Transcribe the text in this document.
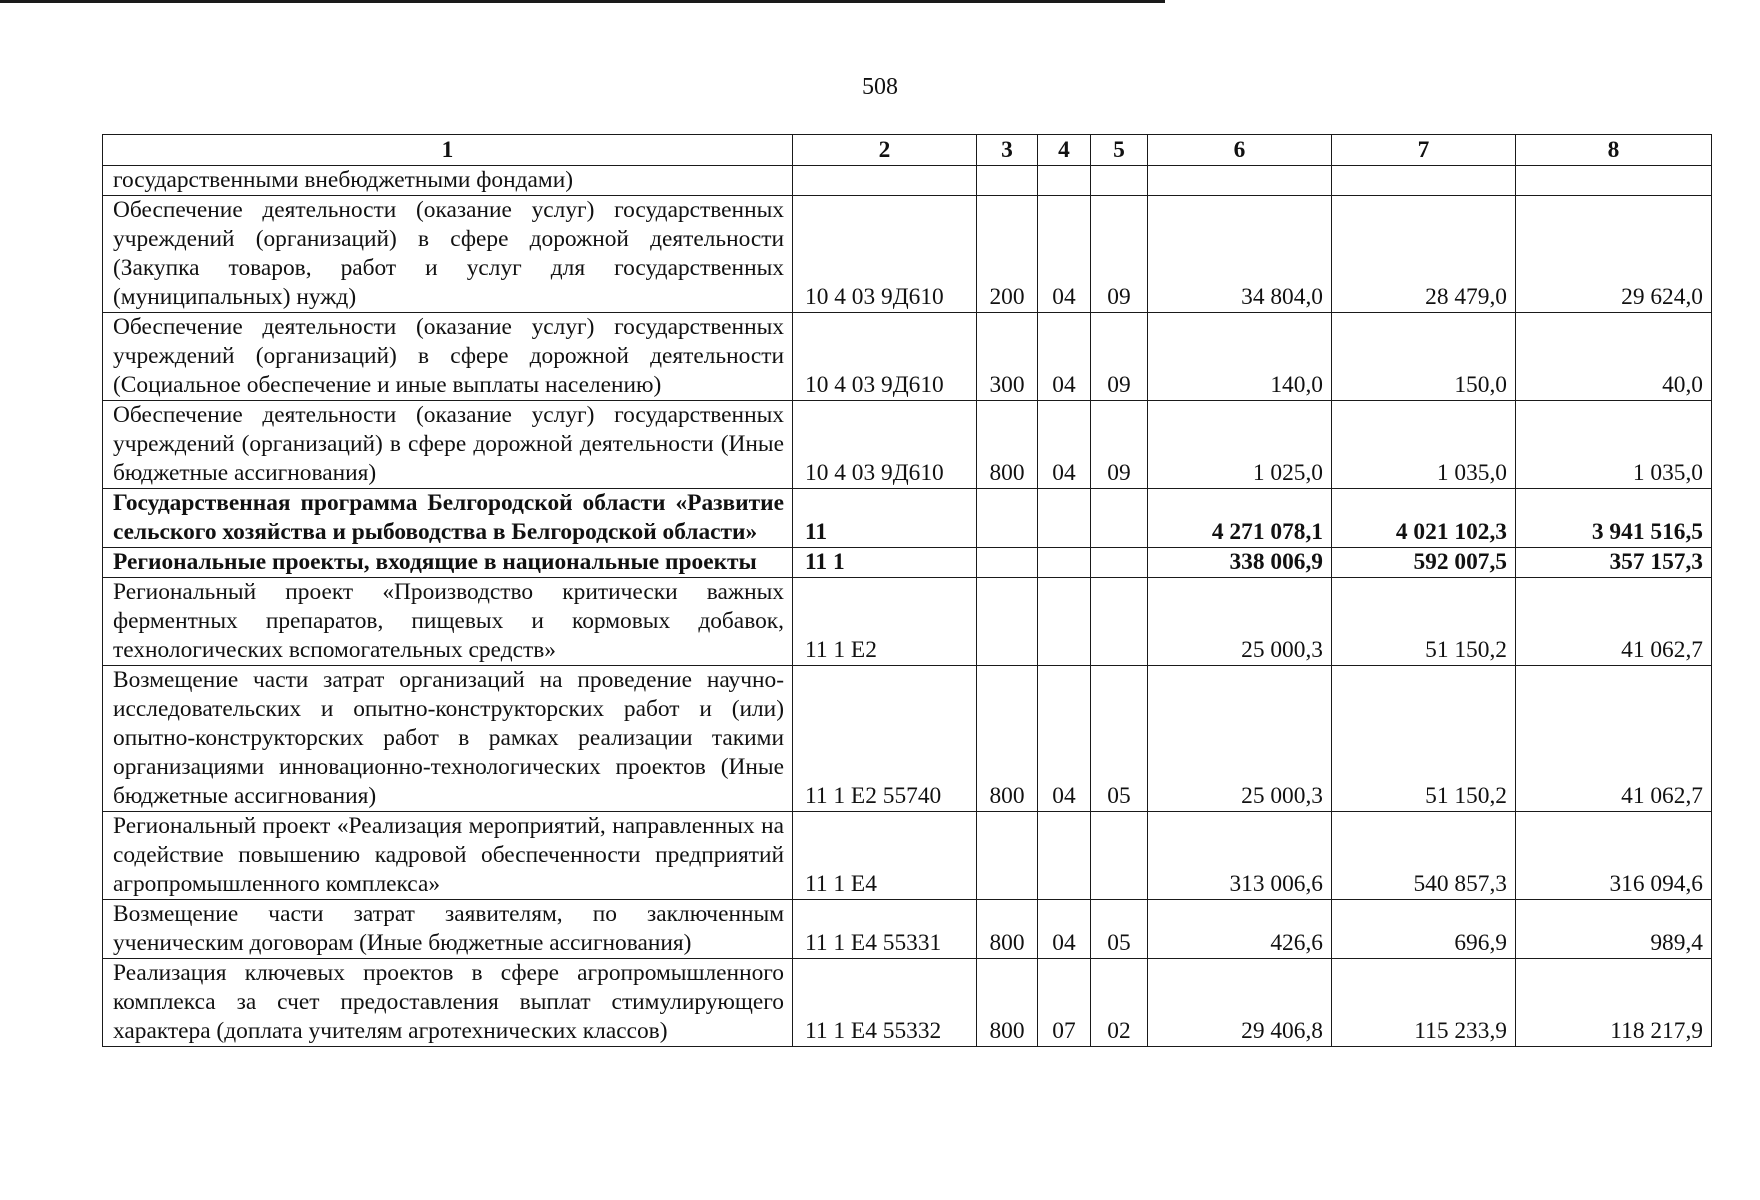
508
1	2	3	4	5	6	7	8
государственными внебюджетными фондами)							
Обеспечение деятельности (оказание услуг) государственных учреждений (организаций) в сфере дорожной деятельности (Закупка товаров, работ и услуг для государственных (муниципальных) нужд)	10 4 03 9Д610	200	04	09	34 804,0	28 479,0	29 624,0
Обеспечение деятельности (оказание услуг) государственных учреждений (организаций) в сфере дорожной деятельности (Социальное обеспечение и иные выплаты населению)	10 4 03 9Д610	300	04	09	140,0	150,0	40,0
Обеспечение деятельности (оказание услуг) государственных учреждений (организаций) в сфере дорожной деятельности (Иные бюджетные ассигнования)	10 4 03 9Д610	800	04	09	1 025,0	1 035,0	1 035,0
Государственная программа Белгородской области «Развитие сельского хозяйства и рыбоводства в Белгородской области»	11				4 271 078,1	4 021 102,3	3 941 516,5
Региональные проекты, входящие в национальные проекты	11 1				338 006,9	592 007,5	357 157,3
Региональный проект «Производство критически важных ферментных препаратов, пищевых и кормовых добавок, технологических вспомогательных средств»	11 1 E2				25 000,3	51 150,2	41 062,7
Возмещение части затрат организаций на проведение научно-исследовательских и опытно-конструкторских работ и (или) опытно-конструкторских работ в рамках реализации такими организациями инновационно-технологических проектов (Иные бюджетные ассигнования)	11 1 E2 55740	800	04	05	25 000,3	51 150,2	41 062,7
Региональный проект «Реализация мероприятий, направленных на содействие повышению кадровой обеспеченности предприятий агропромышленного комплекса»	11 1 E4				313 006,6	540 857,3	316 094,6
Возмещение части затрат заявителям, по заключенным ученическим договорам (Иные бюджетные ассигнования)	11 1 E4 55331	800	04	05	426,6	696,9	989,4
Реализация ключевых проектов в сфере агропромышленного комплекса за счет предоставления выплат стимулирующего характера (доплата учителям агротехнических классов)	11 1 E4 55332	800	07	02	29 406,8	115 233,9	118 217,9
